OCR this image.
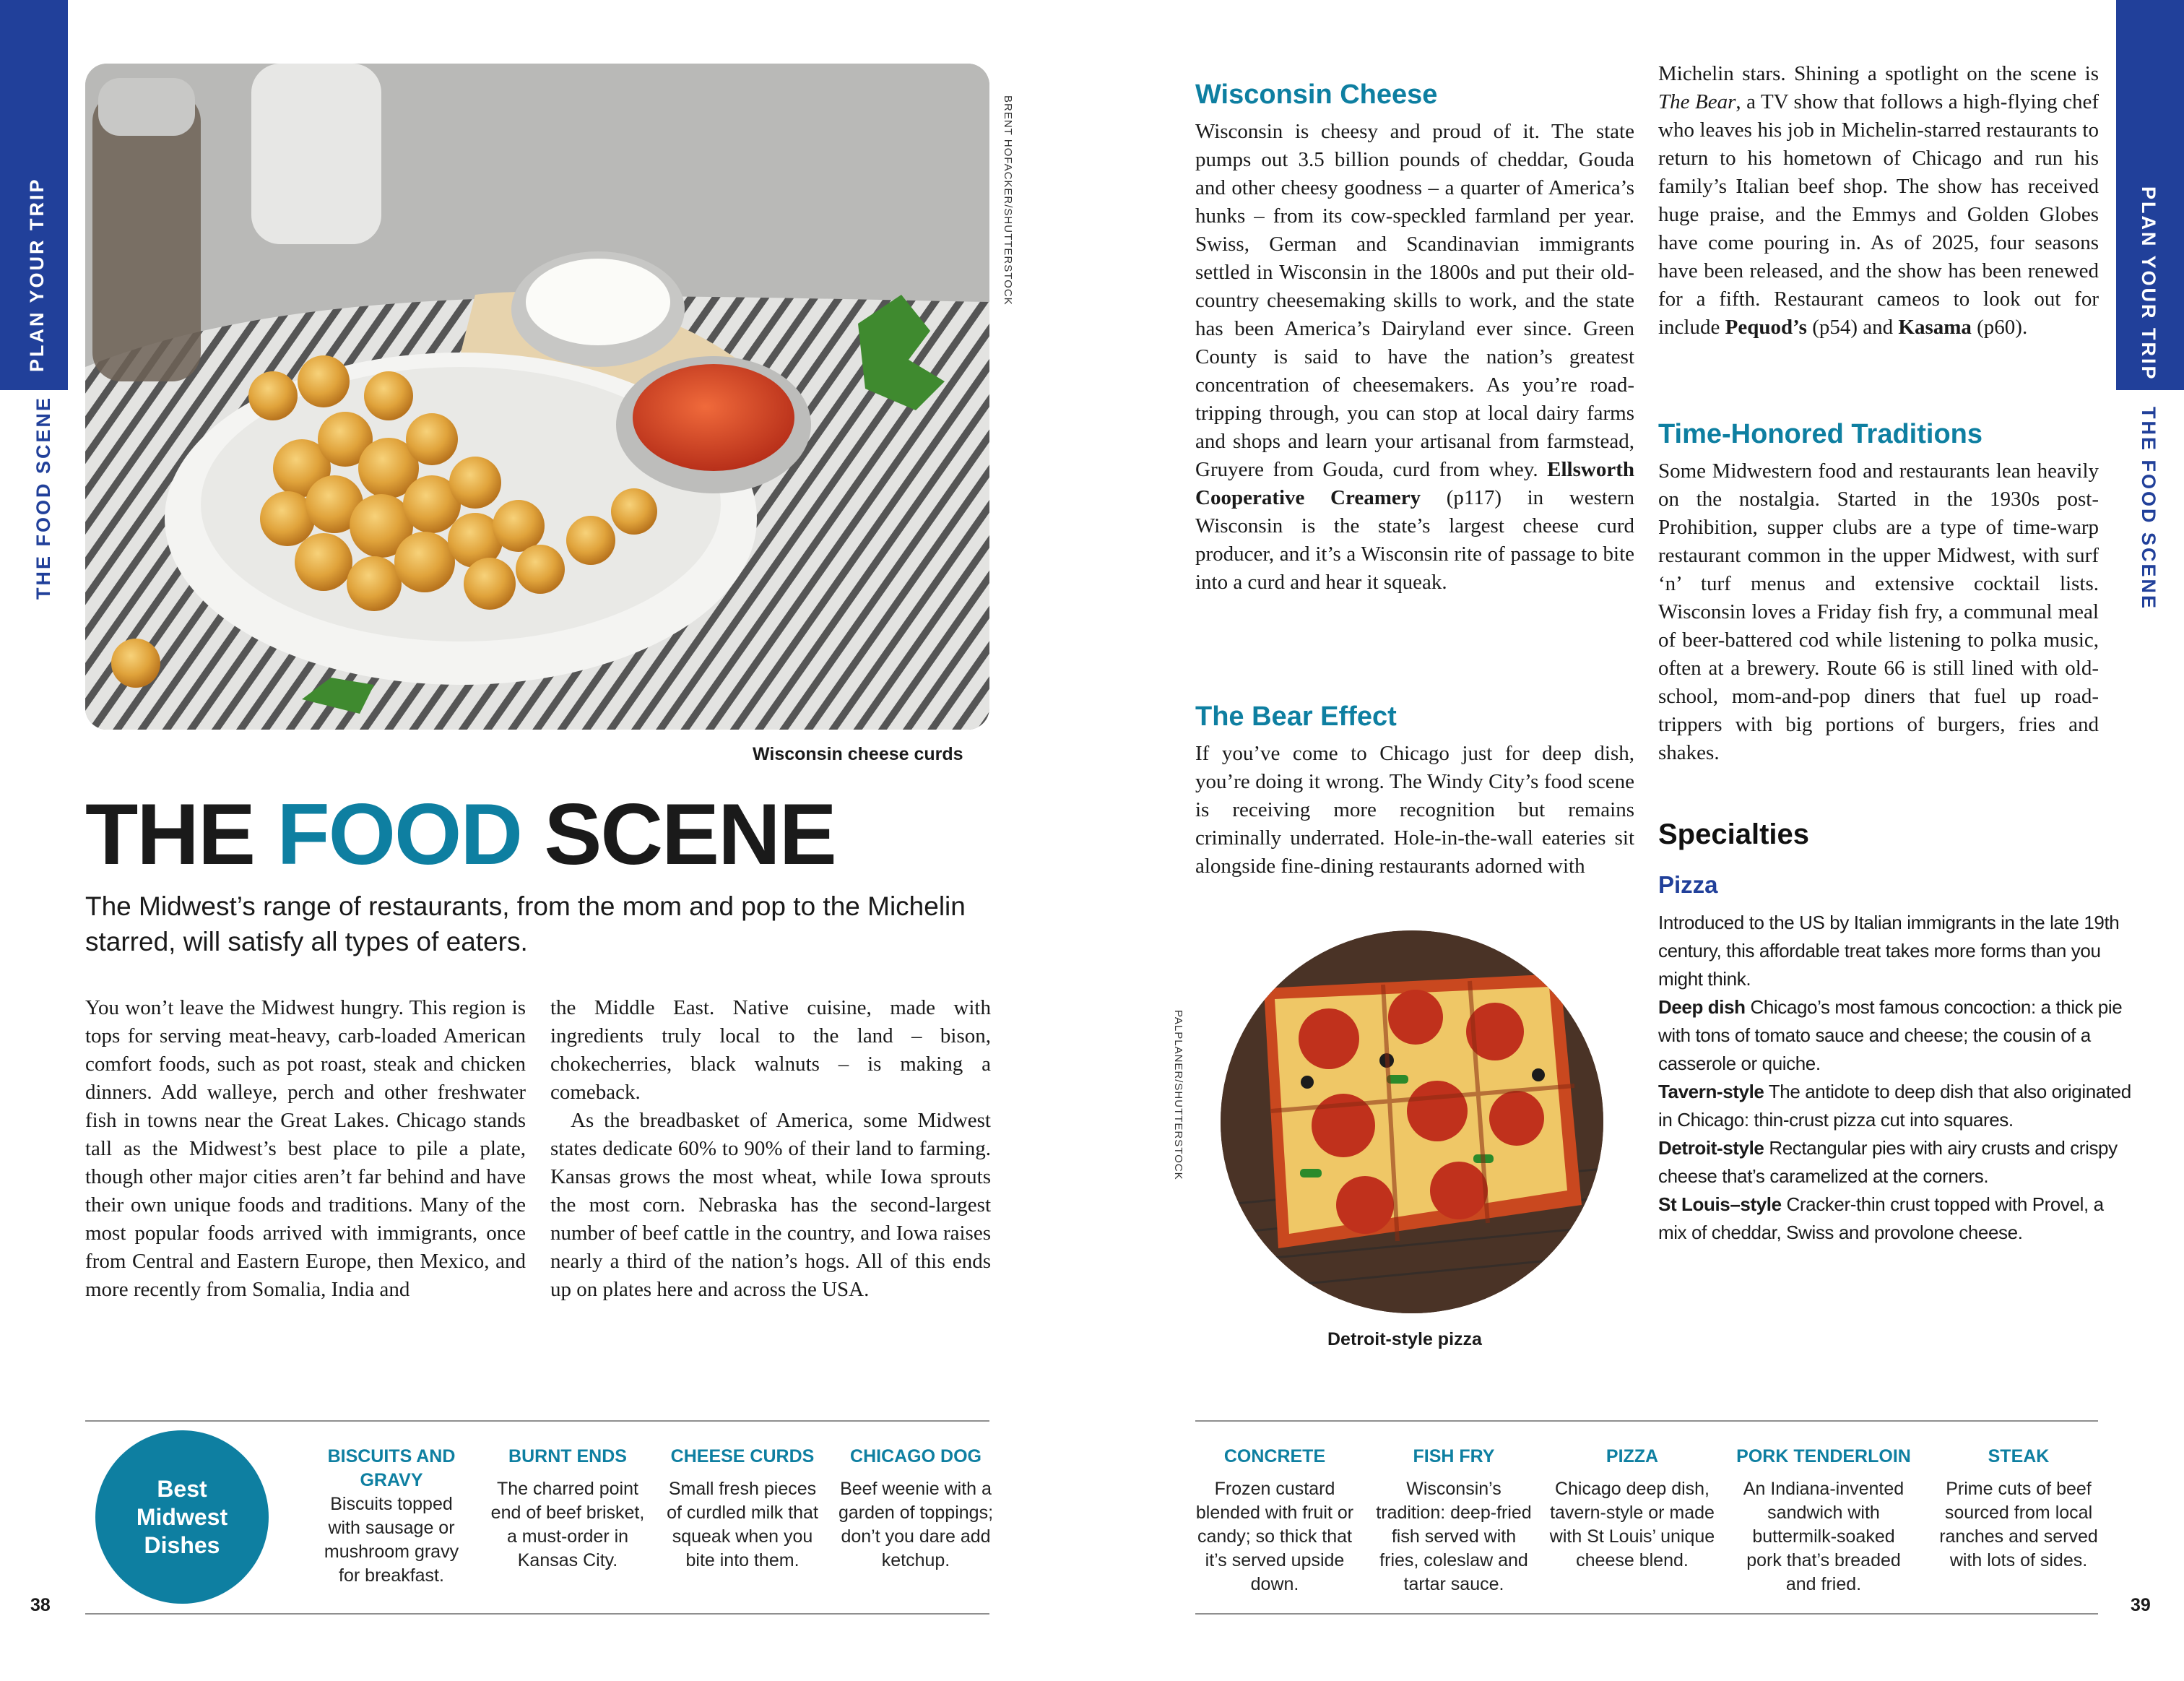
PLAN YOUR TRIP
THE FOOD SCENE
PLAN YOUR TRIP
THE FOOD SCENE
BRENT HOFACKER/SHUTTERSTOCK
Wisconsin cheese curds
THE FOOD SCENE
The Midwest’s range of restaurants, from the mom and pop to the Michelin starred, will satisfy all types of eaters.

You won’t leave the Midwest hungry. This region is tops for serving meat-heavy, carb-loaded American comfort foods, such as pot roast, steak and chicken dinners. Add walleye, perch and other freshwater fish in towns near the Great Lakes. Chicago stands tall as the Midwest’s best place to pile a plate, though other major cities aren’t far behind and have their own unique foods and traditions. Many of the most popular foods arrived with immigrants, once from Central and Eastern Europe, then Mexico, and more recently from Somalia, India and

the Middle East. Native cuisine, made with ingredients truly local to the land – bison, chokecherries, black walnuts – is making a comeback.

As the breadbasket of America, some Midwest states dedicate 60% to 90% of their land to farming. Kansas grows the most wheat, while Iowa sprouts the most corn. Nebraska has the second-largest number of beef cattle in the country, and Iowa raises nearly a third of the nation’s hogs. All of this ends up on plates here and across the USA.

Wisconsin Cheese

Wisconsin is cheesy and proud of it. The state pumps out 3.5 billion pounds of cheddar, Gouda and other cheesy goodness – a quarter of America’s hunks – from its cow-speckled farmland per year. Swiss, German and Scandinavian immigrants settled in Wisconsin in the 1800s and put their old-country cheesemaking skills to work, and the state has been America’s Dairyland ever since. Green County is said to have the nation’s greatest concentration of cheesemakers. As you’re road-tripping through, you can stop at local dairy farms and shops and learn your artisanal from farmstead, Gruyere from Gouda, curd from whey. Ellsworth Cooperative Creamery (p117) in western Wisconsin is the state’s largest cheese curd producer, and it’s a Wisconsin rite of passage to bite into a curd and hear it squeak.

The Bear Effect

If you’ve come to Chicago just for deep dish, you’re doing it wrong. The Windy City’s food scene is receiving more recognition but remains criminally underrated. Hole-in-the-wall eateries sit alongside fine-dining restaurants adorned with

PALPLANER/SHUTTERSTOCK
Detroit-style pizza

Michelin stars. Shining a spotlight on the scene is The Bear, a TV show that follows a high-flying chef who leaves his job in Michelin-starred restaurants to return to his hometown of Chicago and run his family’s Italian beef shop. The show has received huge praise, and the Emmys and Golden Globes have come pouring in. As of 2025, four seasons have been released, and the show has been renewed for a fifth. Restaurant cameos to look out for include Pequod’s (p54) and Kasama (p60).

Time-Honored Traditions

Some Midwestern food and restaurants lean heavily on the nostalgia. Started in the 1930s post-Prohibition, supper clubs are a type of time-warp restaurant common in the upper Midwest, with surf ‘n’ turf menus and extensive cocktail lists. Wisconsin loves a Friday fish fry, a communal meal of beer-battered cod while listening to polka music, often at a brewery. Route 66 is still lined with old-school, mom-and-pop diners that fuel up road-trippers with big portions of burgers, fries and shakes.

Specialties
Pizza

Introduced to the US by Italian immigrants in the late 19th century, this affordable treat takes more forms than you might think.

Deep dish Chicago’s most famous concoction: a thick pie with tons of tomato sauce and cheese; the cousin of a casserole or quiche.

Tavern-style The antidote to deep dish that also originated in Chicago: thin-crust pizza cut into squares.

Detroit-style Rectangular pies with airy crusts and crispy cheese that’s caramelized at the corners.

St Louis–style Cracker-thin crust topped with Provel, a mix of cheddar, Swiss and provolone cheese.

Best
Midwest
Dishes
BISCUITS AND GRAVY
Biscuits topped with sausage or mushroom gravy for breakfast.
BURNT ENDS
The charred point end of beef brisket, a must-order in Kansas City.
CHEESE CURDS
Small fresh pieces of curdled milk that squeak when you bite into them.
CHICAGO DOG
Beef weenie with a garden of toppings; don’t you dare add ketchup.
CONCRETE
Frozen custard blended with fruit or candy; so thick that it’s served upside down.
FISH FRY
Wisconsin’s tradition: deep-fried fish served with fries, coleslaw and tartar sauce.
PIZZA
Chicago deep dish, tavern-style or made with St Louis’ unique cheese blend.
PORK TENDERLOIN
An Indiana-invented sandwich with buttermilk-soaked pork that’s breaded and fried.
STEAK
Prime cuts of beef sourced from local ranches and served with lots of sides.
38	39
